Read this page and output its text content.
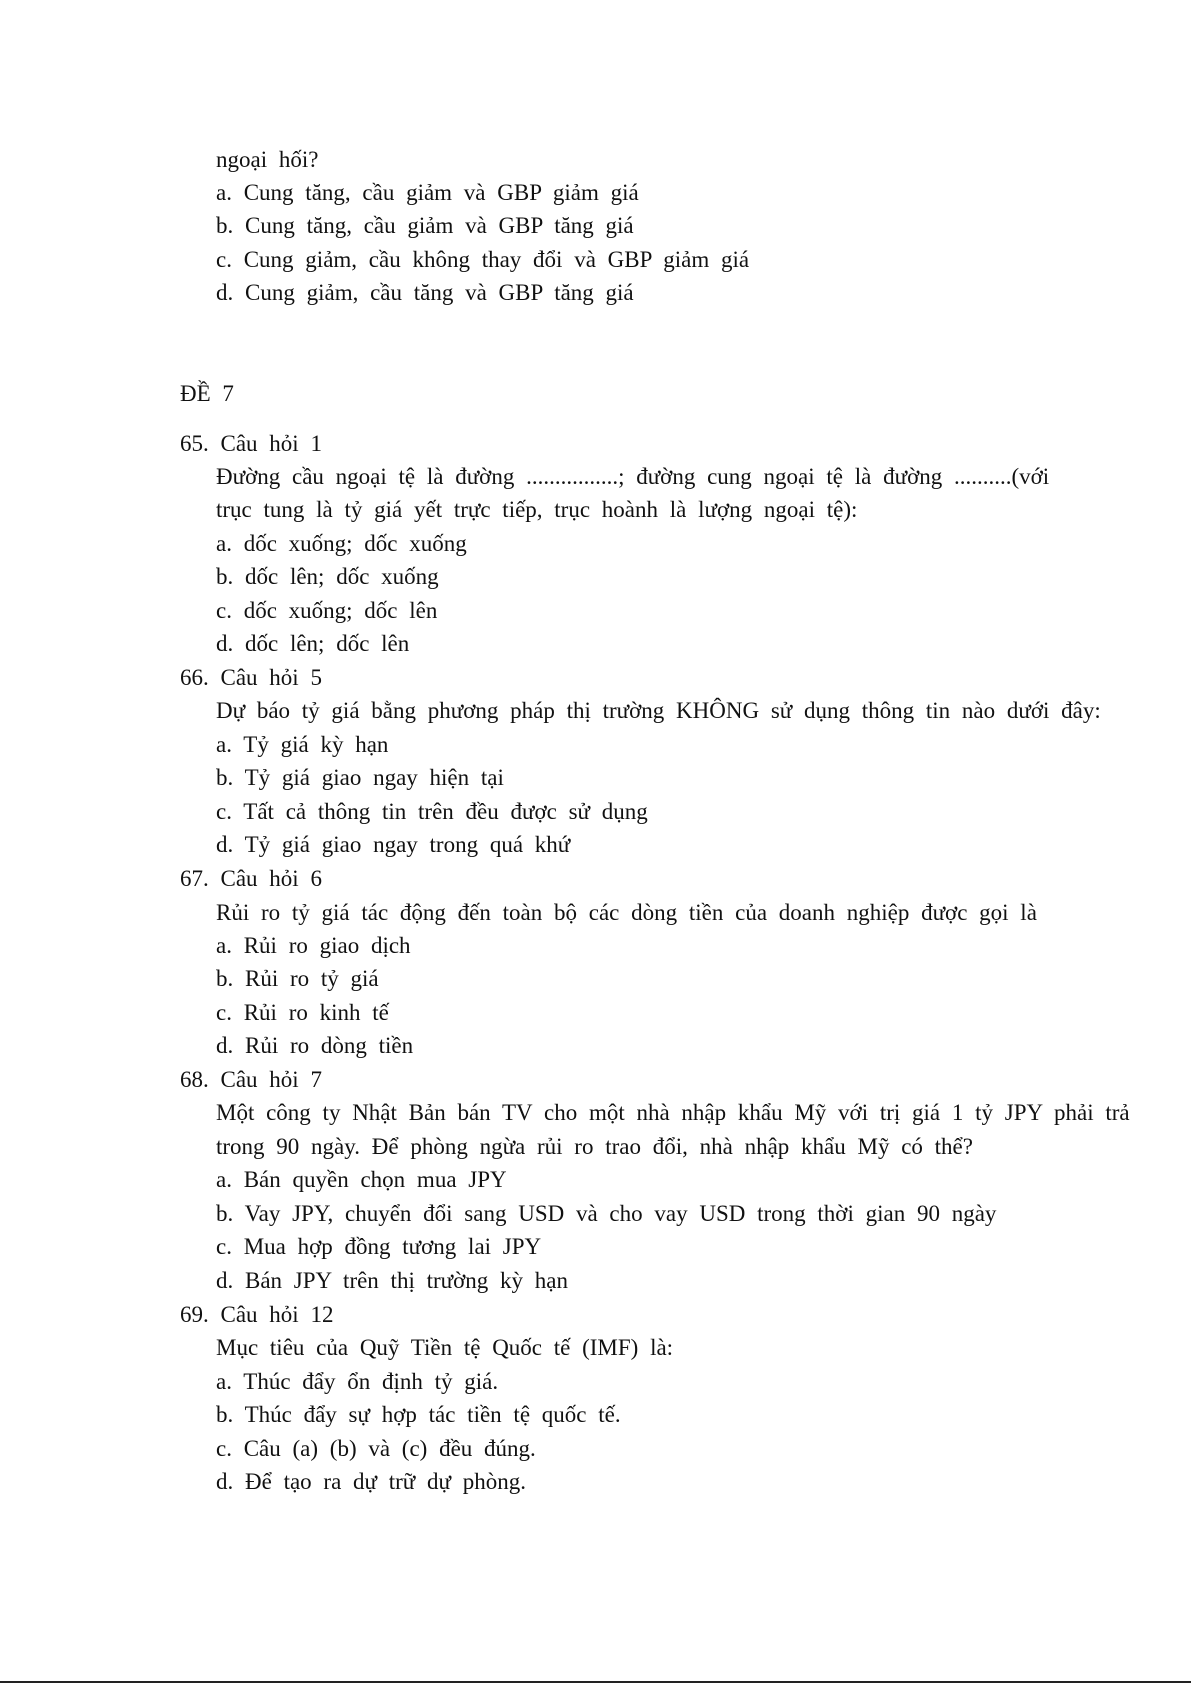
ngoại hối?
a. Cung tăng, cầu giảm và GBP giảm giá
b. Cung tăng, cầu giảm và GBP tăng giá
c. Cung giảm, cầu không thay đổi và GBP giảm giá
d. Cung giảm, cầu tăng và GBP tăng giá
ĐỀ 7
65. Câu hỏi 1
Đường cầu ngoại tệ là đường ................; đường cung ngoại tệ là đường ..........(với
trục tung là tỷ giá yết trực tiếp, trục hoành là lượng ngoại tệ):
a. dốc xuống; dốc xuống
b. dốc lên; dốc xuống
c. dốc xuống; dốc lên
d. dốc lên; dốc lên
66. Câu hỏi 5
Dự báo tỷ giá bằng phương pháp thị trường KHÔNG sử dụng thông tin nào dưới đây:
a. Tỷ giá kỳ hạn
b. Tỷ giá giao ngay hiện tại
c. Tất cả thông tin trên đều được sử dụng
d. Tỷ giá giao ngay trong quá khứ
67. Câu hỏi 6
Rủi ro tỷ giá tác động đến toàn bộ các dòng tiền của doanh nghiệp được gọi là
a. Rủi ro giao dịch
b. Rủi ro tỷ giá
c. Rủi ro kinh tế
d. Rủi ro dòng tiền
68. Câu hỏi 7
Một công ty Nhật Bản bán TV cho một nhà nhập khẩu Mỹ với trị giá 1 tỷ JPY phải trả
trong 90 ngày. Để phòng ngừa rủi ro trao đổi, nhà nhập khẩu Mỹ có thể?
a. Bán quyền chọn mua JPY
b. Vay JPY, chuyển đổi sang USD và cho vay USD trong thời gian 90 ngày
c. Mua hợp đồng tương lai JPY
d. Bán JPY trên thị trường kỳ hạn
69. Câu hỏi 12
Mục tiêu của Quỹ Tiền tệ Quốc tế (IMF) là:
a. Thúc đẩy ổn định tỷ giá.
b. Thúc đẩy sự hợp tác tiền tệ quốc tế.
c. Câu (a) (b) và (c) đều đúng.
d. Để tạo ra dự trữ dự phòng.
